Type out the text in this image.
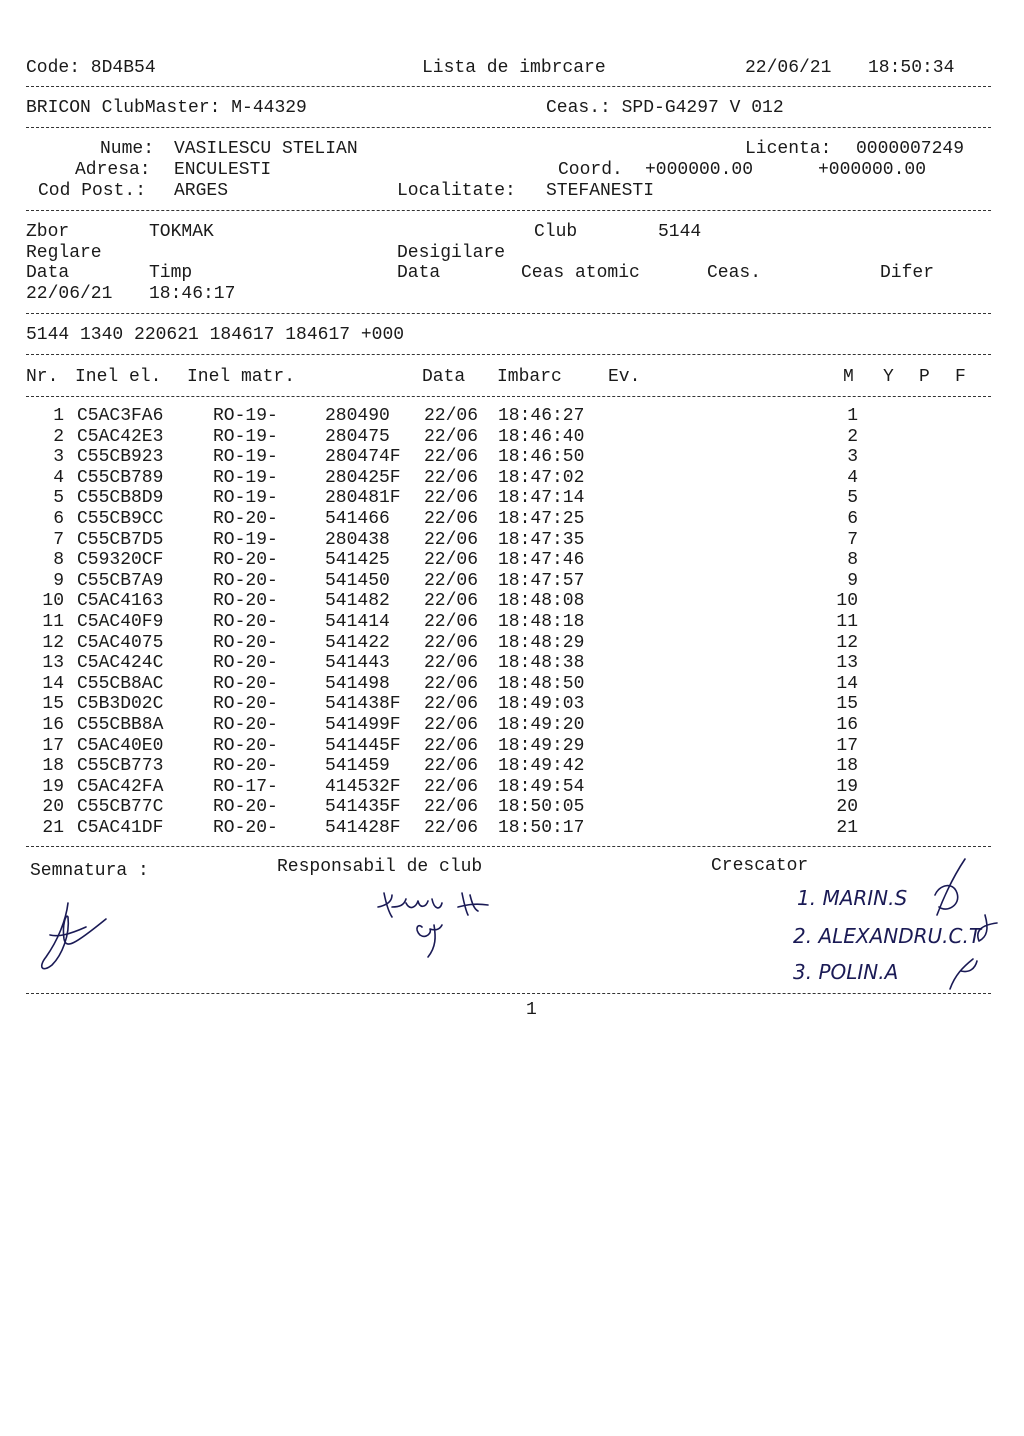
Code: 8D4B54	Lista de imbrcare	22/06/21 18:50:34
BRICON ClubMaster: M-44329	Ceas.: SPD-G4297 V 012
Nume: VASILESCU STELIAN	Licenta: 0000007249
Adresa: ENCULESTI	Coord. +000000.00	+000000.00
Cod Post.: ARGES	Localitate: STEFANESTI
Zbor	TOKMAK	Club	5144
Reglare	Desigilare
Data	Timp	Data	Ceas atomic	Ceas.	Difer
22/06/21 18:46:17
5144 1340 220621 184617 184617 +000
Nr. Inel el. Inel matr.	Data Imbarc	Ev.	M Y P F
1 C5AC3FA6	RO-19-	280490 22/06 18:46:27	1
2 C5AC42E3	RO-19-	280475 22/06 18:46:40	2
3 C55CB923	RO-19-	280474F 22/06 18:46:50	3
4 C55CB789	RO-19-	280425F 22/06 18:47:02	4
5 C55CB8D9	RO-19-	280481F 22/06 18:47:14	5
6 C55CB9CC	RO-20-	541466 22/06 18:47:25	6
7 C55CB7D5	RO-19-	280438 22/06 18:47:35	7
8 C59320CF	RO-20-	541425 22/06 18:47:46	8
9 C55CB7A9	RO-20-	541450 22/06 18:47:57	9
10 C5AC4163	RO-20-	541482 22/06 18:48:08	10
11 C5AC40F9	RO-20-	541414 22/06 18:48:18	11
12 C5AC4075	RO-20-	541422 22/06 18:48:29	12
13 C5AC424C	RO-20-	541443 22/06 18:48:38	13
14 C55CB8AC	RO-20-	541498 22/06 18:48:50	14
15 C5B3D02C	RO-20-	541438F 22/06 18:49:03	15
16 C55CBB8A	RO-20-	541499F 22/06 18:49:20	16
17 C5AC40E0	RO-20-	541445F 22/06 18:49:29	17
18 C55CB773	RO-20-	541459 22/06 18:49:42	18
19 C5AC42FA	RO-17-	414532F 22/06 18:49:54	19
20 C55CB77C	RO-20-	541435F 22/06 18:50:05	20
21 C5AC41DF	RO-20-	541428F 22/06 18:50:17	21
Semnatura :	Responsabil de club	Crescator
1. MARIN.S
2. ALEXANDRU.C.T
3. POLIN.A
1
